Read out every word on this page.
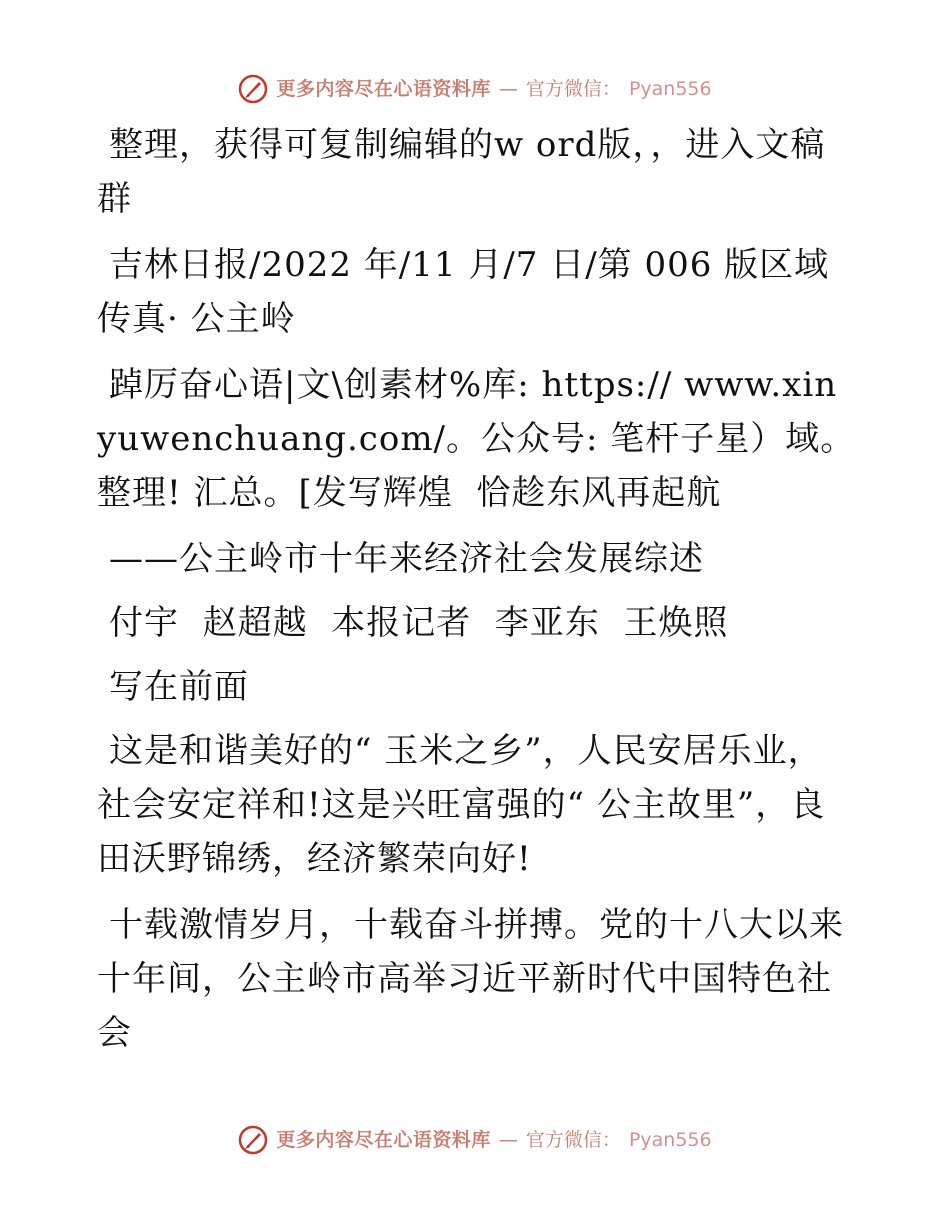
更多内容尽在心语资料库 — 官方微信： Pyan556

整理，获得可复制编辑的w ord版，，进入文稿群

吉林日报/2022 年/11 月/7 日/第 006 版区域传真· 公主岭

踔厉奋心语|文\创素材%库: https:// www.xinyuwenchuang.com/。公众号: 笔杆子星）域。整理! 汇总。[发写辉煌  恰趁东风再起航

——公主岭市十年来经济社会发展综述

付宇  赵超越  本报记者  李亚东  王焕照

写在前面

这是和谐美好的“ 玉米之乡”，人民安居乐业，社会安定祥和!这是兴旺富强的“ 公主故里”，良田沃野锦绣，经济繁荣向好!

十载激情岁月，十载奋斗拼搏。党的十八大以来十年间，公主岭市高举习近平新时代中国特色社会

更多内容尽在心语资料库 — 官方微信： Pyan556
